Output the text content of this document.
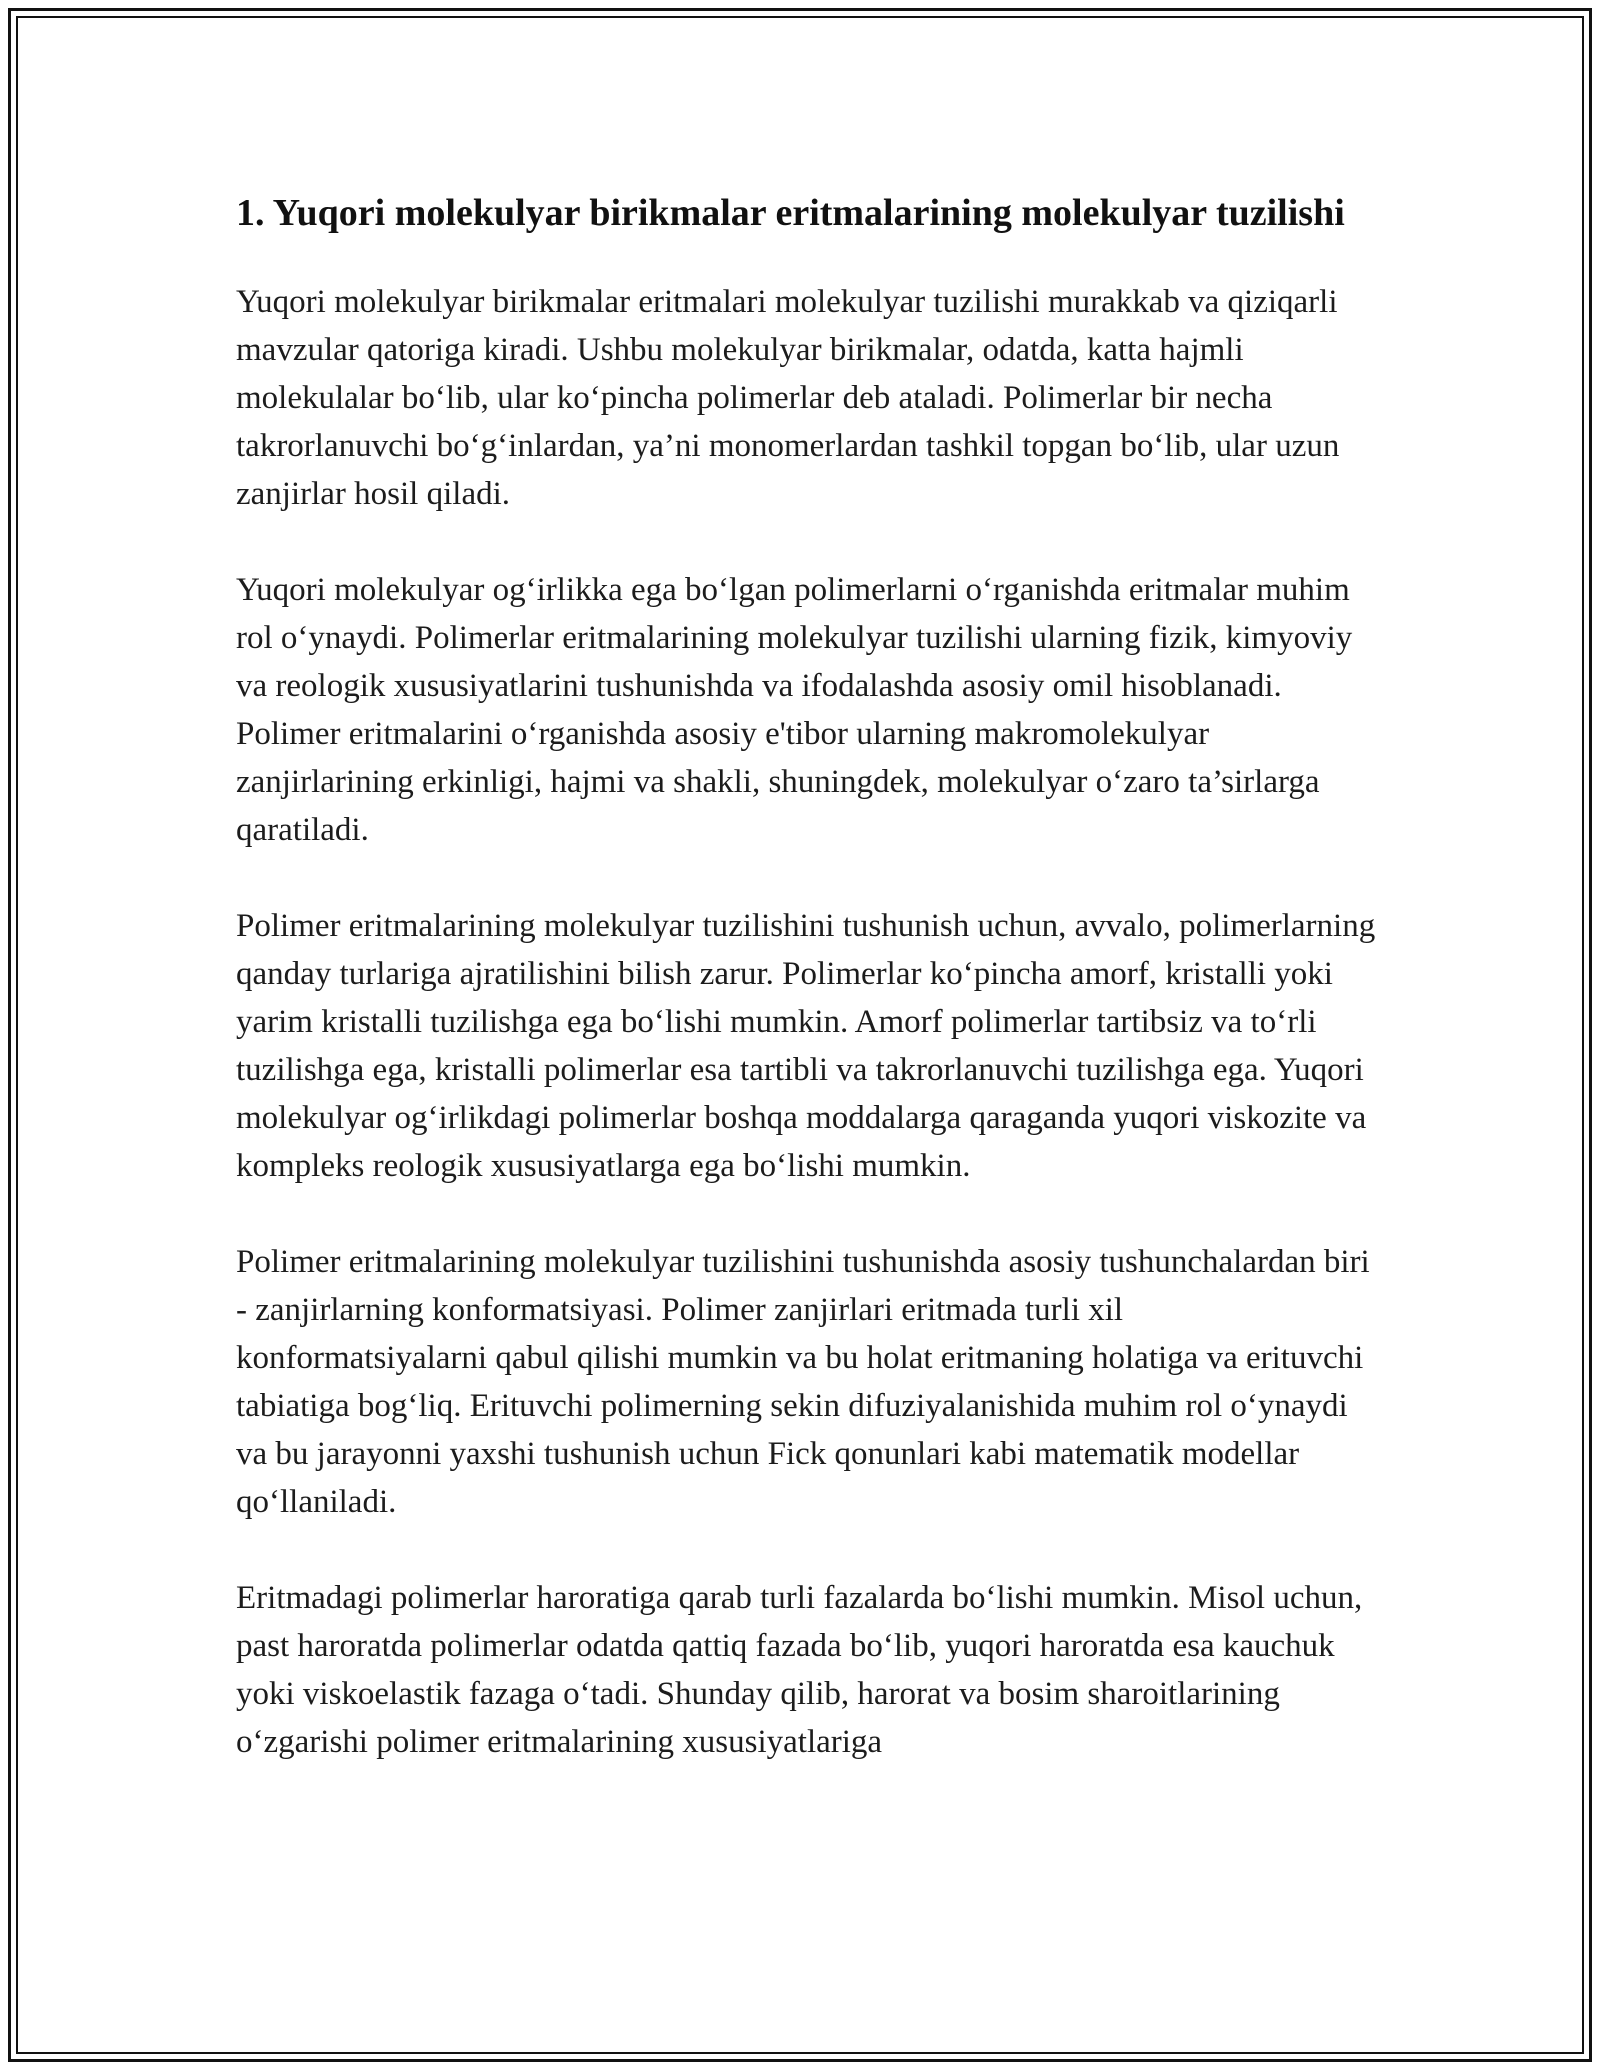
1. Yuqori molekulyar birikmalar eritmalarining molekulyar tuzilishi

Yuqori molekulyar birikmalar eritmalari molekulyar tuzilishi murakkab va qiziqarli mavzular qatoriga kiradi. Ushbu molekulyar birikmalar, odatda, katta hajmli molekulalar bo‘lib, ular ko‘pincha polimerlar deb ataladi. Polimerlar bir necha takrorlanuvchi bo‘g‘inlardan, ya’ni monomerlardan tashkil topgan bo‘lib, ular uzun zanjirlar hosil qiladi.

Yuqori molekulyar og‘irlikka ega bo‘lgan polimerlarni o‘rganishda eritmalar muhim rol o‘ynaydi. Polimerlar eritmalarining molekulyar tuzilishi ularning fizik, kimyoviy va reologik xususiyatlarini tushunishda va ifodalashda asosiy omil hisoblanadi. Polimer eritmalarini o‘rganishda asosiy e'tibor ularning makromolekulyar zanjirlarining erkinligi, hajmi va shakli, shuningdek, molekulyar o‘zaro ta’sirlarga qaratiladi.

Polimer eritmalarining molekulyar tuzilishini tushunish uchun, avvalo, polimerlarning qanday turlariga ajratilishini bilish zarur. Polimerlar ko‘pincha amorf, kristalli yoki yarim kristalli tuzilishga ega bo‘lishi mumkin. Amorf polimerlar tartibsiz va to‘rli tuzilishga ega, kristalli polimerlar esa tartibli va takrorlanuvchi tuzilishga ega. Yuqori molekulyar og‘irlikdagi polimerlar boshqa moddalarga qaraganda yuqori viskozite va kompleks reologik xususiyatlarga ega bo‘lishi mumkin.

Polimer eritmalarining molekulyar tuzilishini tushunishda asosiy tushunchalardan biri - zanjirlarning konformatsiyasi. Polimer zanjirlari eritmada turli xil konformatsiyalarni qabul qilishi mumkin va bu holat eritmaning holatiga va erituvchi tabiatiga bog‘liq. Erituvchi polimerning sekin difuziyalanishida muhim rol o‘ynaydi va bu jarayonni yaxshi tushunish uchun Fick qonunlari kabi matematik modellar qo‘llaniladi.

Eritmadagi polimerlar haroratiga qarab turli fazalarda bo‘lishi mumkin. Misol uchun, past haroratda polimerlar odatda qattiq fazada bo‘lib, yuqori haroratda esa kauchuk yoki viskoelastik fazaga o‘tadi. Shunday qilib, harorat va bosim sharoitlarining o‘zgarishi polimer eritmalarining xususiyatlariga
